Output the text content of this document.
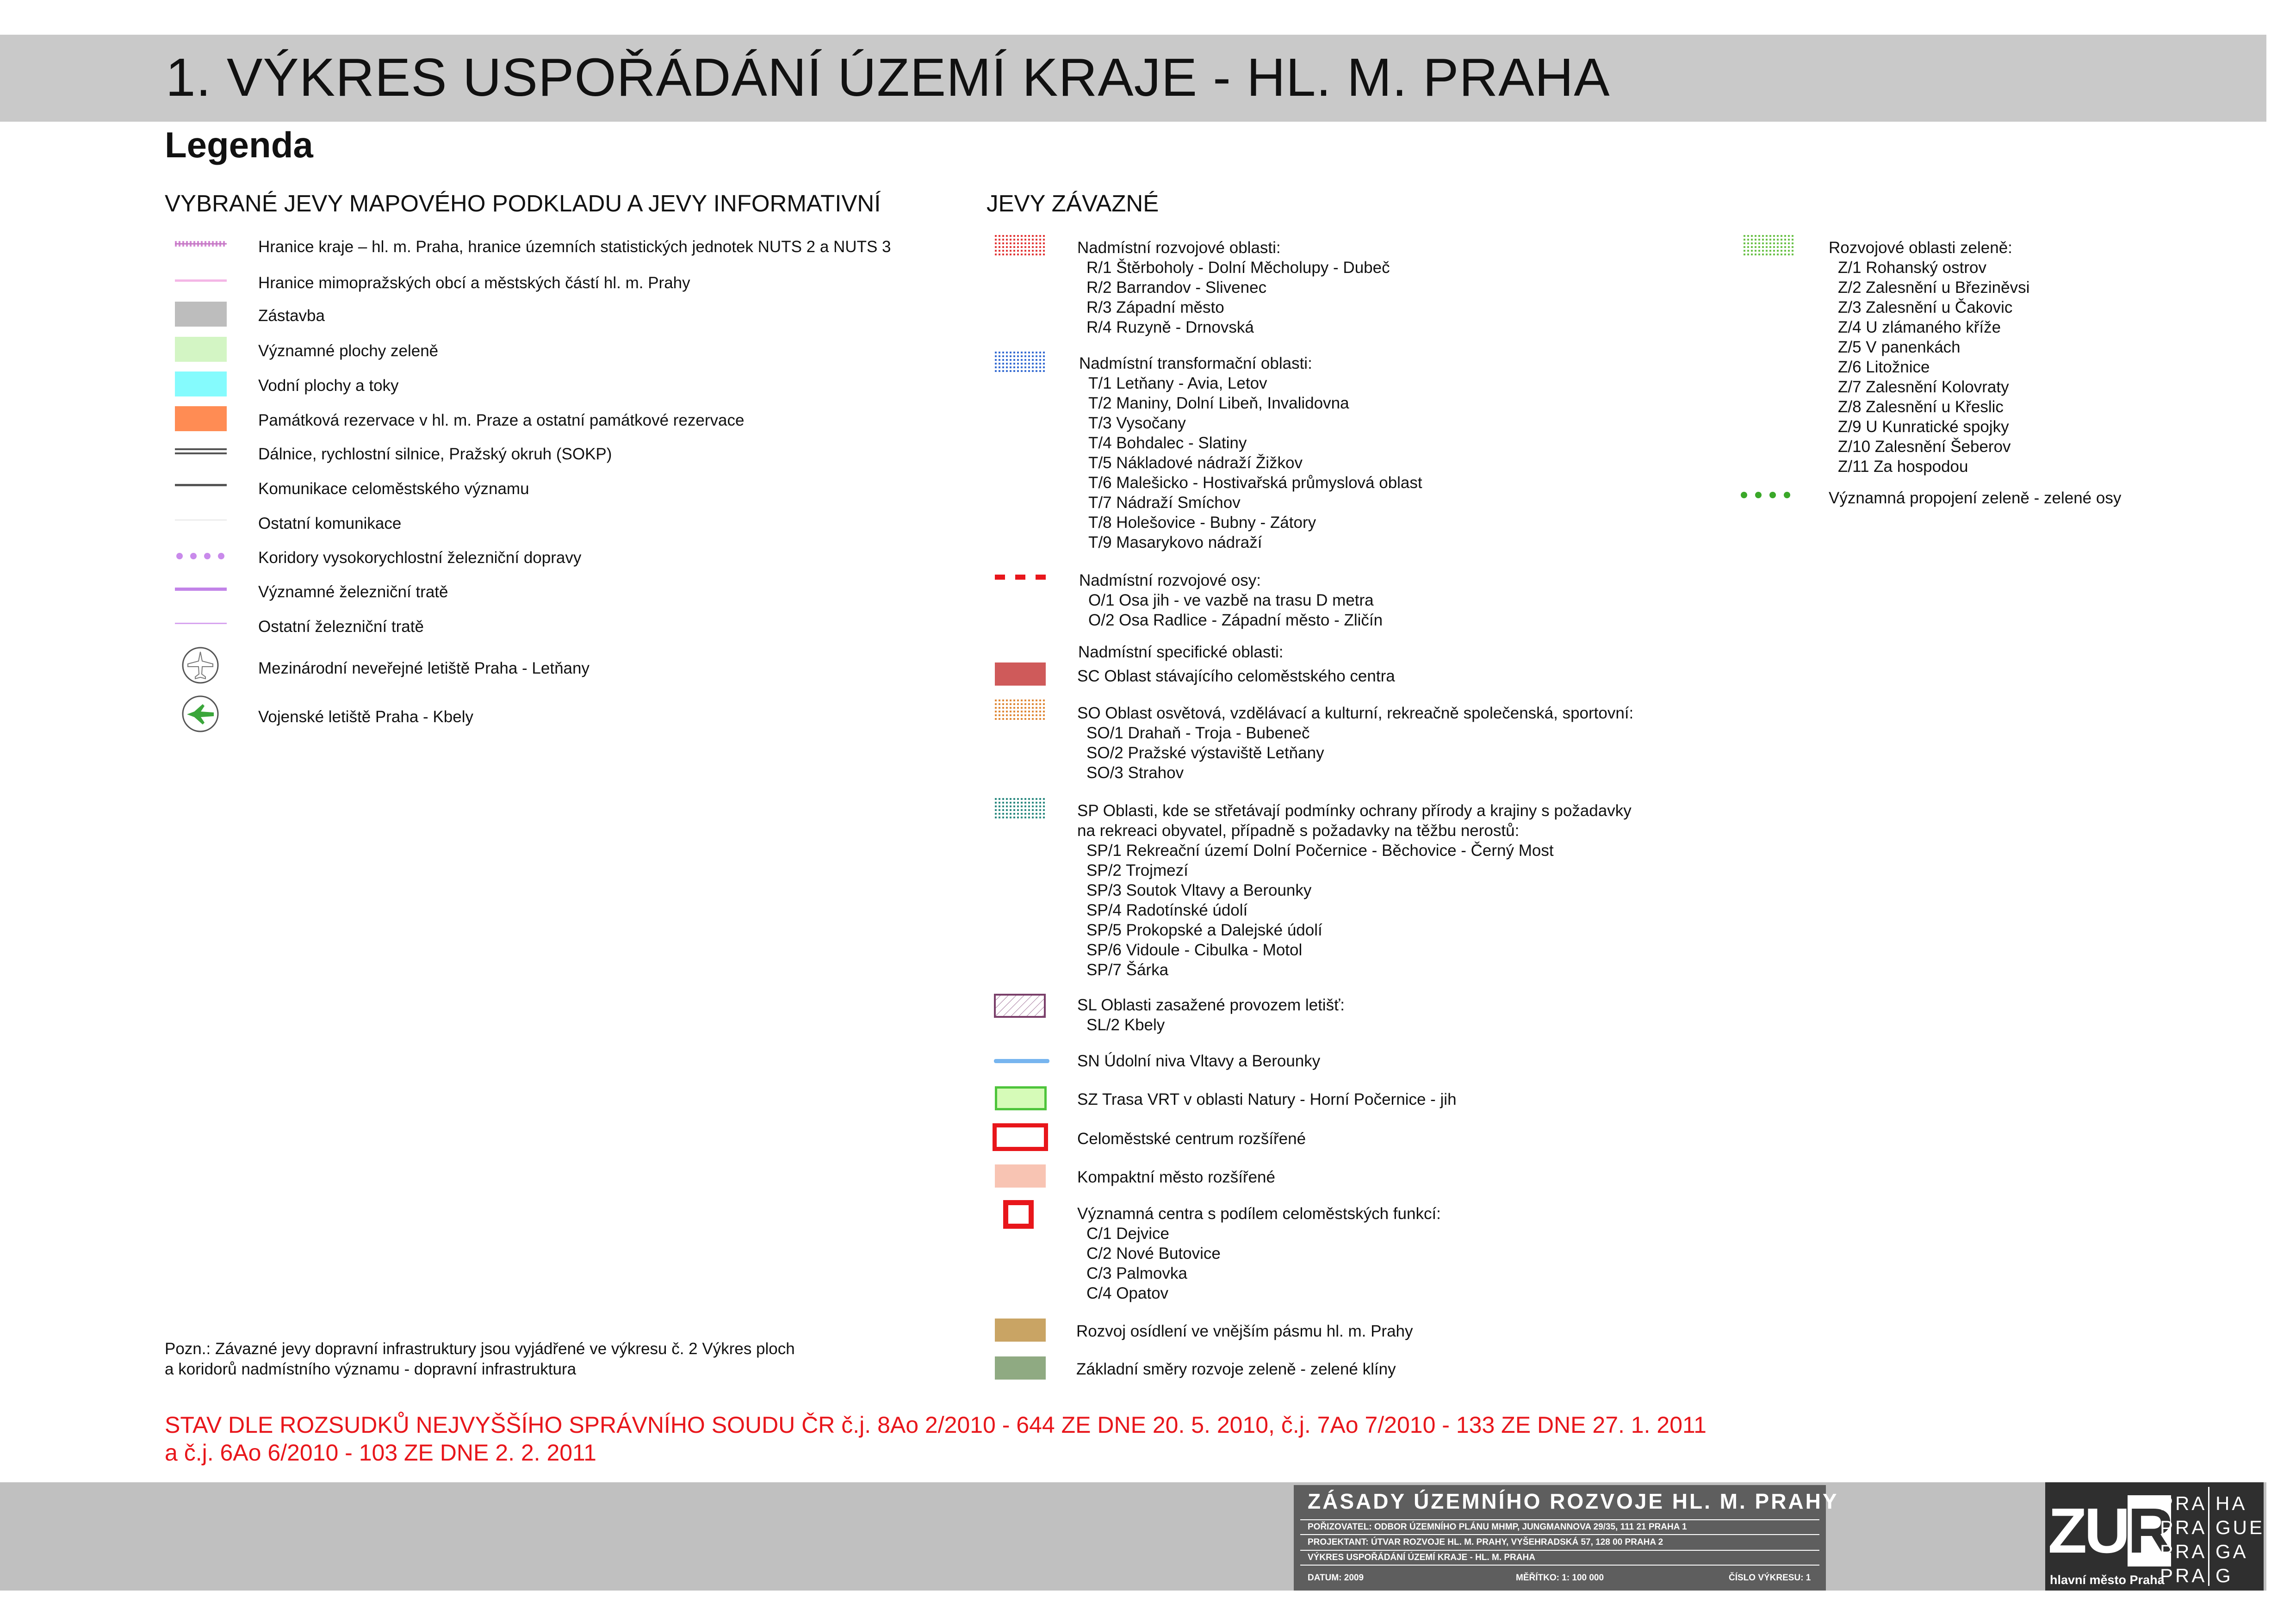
1. VÝKRES USPOŘÁDÁNÍ ÚZEMÍ KRAJE - HL. M. PRAHA
Legenda
VYBRANÉ JEVY MAPOVÉHO PODKLADU A JEVY INFORMATIVNÍ
Hranice kraje – hl. m. Praha, hranice územních statistických jednotek NUTS 2 a NUTS 3
Hranice mimopražských obcí a městských částí hl. m. Prahy
Zástavba
Významné plochy zeleně
Vodní plochy a toky
Památková rezervace v hl. m. Praze a ostatní památkové rezervace
Dálnice, rychlostní silnice, Pražský okruh (SOKP)
Komunikace celoměstského významu
Ostatní komunikace
Koridory vysokorychlostní železniční dopravy
Významné železniční tratě
Ostatní železniční tratě
Mezinárodní neveřejné letiště Praha - Letňany
Vojenské letiště Praha - Kbely
Pozn.: Závazné jevy dopravní infrastruktury jsou vyjádřené ve výkresu č. 2 Výkres ploch
a koridorů nadmístního významu - dopravní infrastruktura
JEVY ZÁVAZNÉ
Nadmístní rozvojové oblasti:
R/1 Štěrboholy - Dolní Měcholupy - Dubeč
R/2 Barrandov - Slivenec
R/3 Západní město
R/4 Ruzyně - Drnovská
Nadmístní transformační oblasti:
T/1 Letňany - Avia, Letov
T/2 Maniny, Dolní Libeň, Invalidovna
T/3 Vysočany
T/4 Bohdalec - Slatiny
T/5 Nákladové nádraží Žižkov
T/6 Malešicko - Hostivařská průmyslová oblast
T/7 Nádraží Smíchov
T/8 Holešovice - Bubny - Zátory
T/9 Masarykovo nádraží
Nadmístní rozvojové osy:
O/1 Osa jih - ve vazbě na trasu D metra
O/2 Osa Radlice - Západní město - Zličín
Nadmístní specifické oblasti:
SC Oblast stávajícího celoměstského centra
SO Oblast osvětová, vzdělávací a kulturní, rekreačně společenská, sportovní:
SO/1 Drahaň - Troja - Bubeneč
SO/2 Pražské výstaviště Letňany
SO/3 Strahov
SP Oblasti, kde se střetávají podmínky ochrany přírody a krajiny s požadavky
na rekreaci obyvatel, případně s požadavky na těžbu nerostů:
SP/1 Rekreační území Dolní Počernice - Běchovice - Černý Most
SP/2 Trojmezí
SP/3 Soutok Vltavy a Berounky
SP/4 Radotínské údolí
SP/5 Prokopské a Dalejské údolí
SP/6 Vidoule - Cibulka - Motol
SP/7 Šárka
SL Oblasti zasažené provozem letišť:
SL/2 Kbely
SN Údolní niva Vltavy a Berounky
SZ Trasa VRT v oblasti Natury - Horní Počernice - jih
Celoměstské centrum rozšířené
Kompaktní město rozšířené
Významná centra s podílem celoměstských funkcí:
C/1 Dejvice
C/2 Nové Butovice
C/3 Palmovka
C/4 Opatov
Rozvoj osídlení ve vnějším pásmu hl. m. Prahy
Základní směry rozvoje zeleně - zelené klíny
Rozvojové oblasti zeleně:
Z/1 Rohanský ostrov
Z/2 Zalesnění u Březiněvsi
Z/3 Zalesnění u Čakovic
Z/4 U zlámaného kříže
Z/5 V panenkách
Z/6 Litožnice
Z/7 Zalesnění Kolovraty
Z/8 Zalesnění u Křeslic
Z/9 U Kunratické spojky
Z/10 Zalesnění Šeberov
Z/11 Za hospodou
Významná propojení zeleně - zelené osy
STAV DLE ROZSUDKŮ NEJVYŠŠÍHO SPRÁVNÍHO SOUDU ČR č.j. 8Ao 2/2010 - 644 ZE DNE 20. 5. 2010, č.j. 7Ao 7/2010 - 133 ZE DNE 27. 1. 2011
a č.j. 6Ao 6/2010 - 103 ZE DNE 2. 2. 2011
ZÁSADY ÚZEMNÍHO ROZVOJE HL. M. PRAHY
POŘIZOVATEL: ODBOR ÚZEMNÍHO PLÁNU MHMP, JUNGMANNOVA 29/35, 111 21 PRAHA 1
PROJEKTANT: ÚTVAR ROZVOJE HL. M. PRAHY, VYŠEHRADSKÁ 57, 128 00 PRAHA 2
VÝKRES USPOŘÁDÁNÍ ÚZEMÍ KRAJE - HL. M. PRAHA
DATUM: 2009	MĚŘÍTKO: 1: 100 000	ČÍSLO VÝKRESU: 1
ZUR
hlavní město Praha
PRA
PRA
PRA
PRA
HA
GUE
GA
G
